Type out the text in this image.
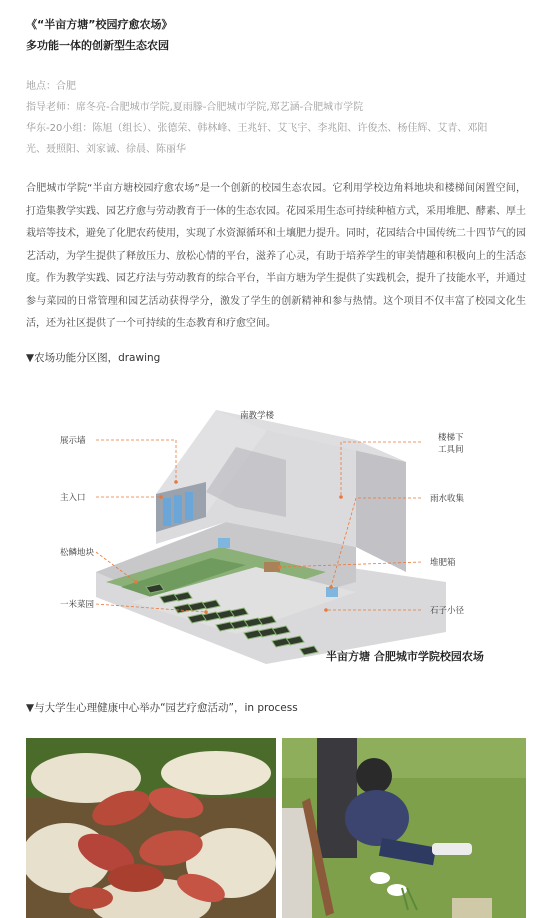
《“半亩方塘”校园疗愈农场》
多功能一体的创新型生态农园
地点：合肥
指导老师：席冬亮-合肥城市学院,夏雨滕-合肥城市学院,郑艺涵-合肥城市学院
华东-20小组：陈旭（组长）、张德荣、韩林峰、王兆轩、艾飞宇、李兆阳、许俊杰、杨佳辉、艾青、邓阳
光、聂照阳、刘家诚、徐晨、陈丽华
合肥城市学院“半亩方塘校园疗愈农场”是一个创新的校园生态农园。它利用学校边角料地块和楼梯间闲置空间，打造集教学实践、园艺疗愈与劳动教育于一体的生态农园。花园采用生态可持续种植方式，采用堆肥、酵素、厚土栽培等技术，避免了化肥农药使用，实现了水资源循环和土壤肥力提升。同时，花园结合中国传统二十四节气的园艺活动，为学生提供了释放压力、放松心情的平台，滋养了心灵，有助于培养学生的审美情趣和积极向上的生活态度。作为教学实践、园艺疗法与劳动教育的综合平台，半亩方塘为学生提供了实践机会，提升了技能水平，并通过参与菜园的日常管理和园艺活动获得学分，激发了学生的创新精神和参与热情。这个项目不仅丰富了校园文化生活，还为社区提供了一个可持续的生态教育和疗愈空间。
▼农场功能分区图，drawing
南教学楼
展示墙
主入口
松鳞地块
一米菜园
楼梯下
工具间
雨水收集
堆肥箱
石子小径
半亩方塘 合肥城市学院校园农场
▼与大学生心理健康中心举办“园艺疗愈活动”，in process
